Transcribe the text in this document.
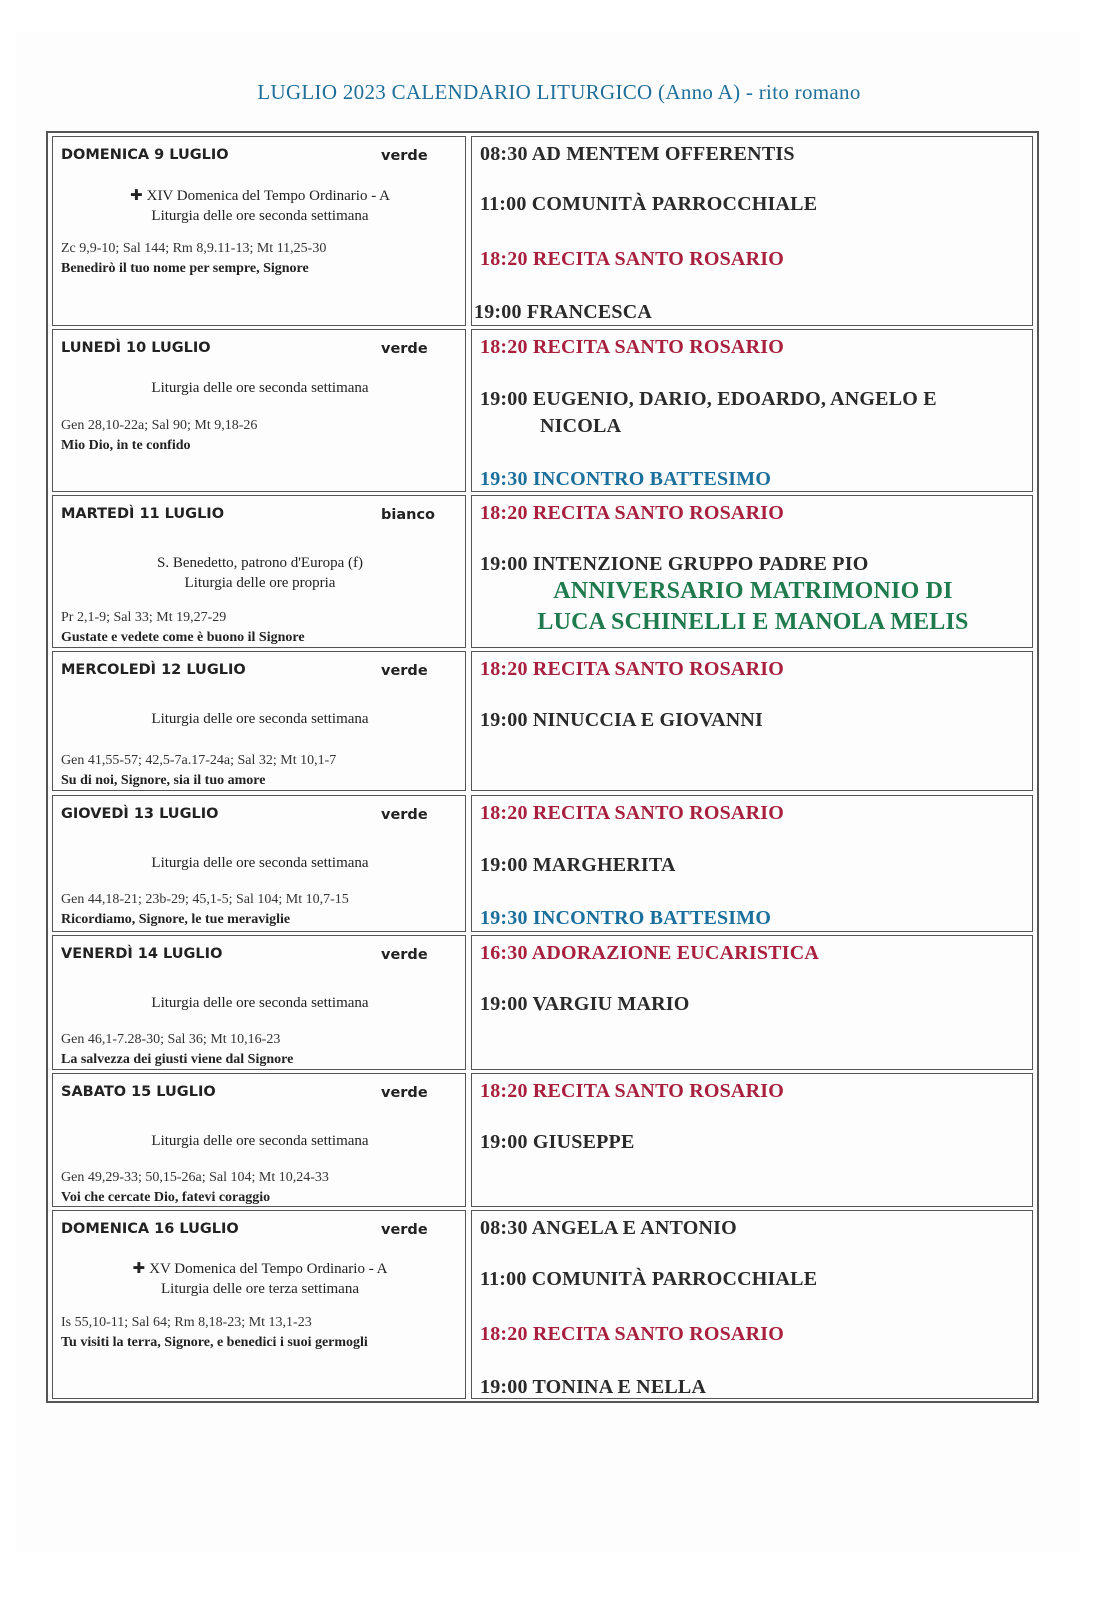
LUGLIO 2023 CALENDARIO LITURGICO (Anno A) - rito romano
DOMENICA 9 LUGLIO	verde
✚ XIV Domenica del Tempo Ordinario - A
Liturgia delle ore seconda settimana
Zc 9,9-10; Sal 144; Rm 8,9.11-13; Mt 11,25-30
Benedirò il tuo nome per sempre, Signore
08:30 AD MENTEM OFFERENTIS
11:00 COMUNITÀ PARROCCHIALE
18:20 RECITA SANTO ROSARIO
19:00 FRANCESCA
LUNEDÌ 10 LUGLIO	verde
Liturgia delle ore seconda settimana
Gen 28,10-22a; Sal 90; Mt 9,18-26
Mio Dio, in te confido
18:20 RECITA SANTO ROSARIO
19:00 EUGENIO, DARIO, EDOARDO, ANGELO E
NICOLA
19:30 INCONTRO BATTESIMO
MARTEDÌ 11 LUGLIO	bianco
S. Benedetto, patrono d'Europa (f)
Liturgia delle ore propria
Pr 2,1-9; Sal 33; Mt 19,27-29
Gustate e vedete come è buono il Signore
18:20 RECITA SANTO ROSARIO
19:00 INTENZIONE GRUPPO PADRE PIO
ANNIVERSARIO MATRIMONIO DI
LUCA SCHINELLI E MANOLA MELIS
MERCOLEDÌ 12 LUGLIO	verde
Liturgia delle ore seconda settimana
Gen 41,55-57; 42,5-7a.17-24a; Sal 32; Mt 10,1-7
Su di noi, Signore, sia il tuo amore
18:20 RECITA SANTO ROSARIO
19:00 NINUCCIA E GIOVANNI
GIOVEDÌ 13 LUGLIO	verde
Liturgia delle ore seconda settimana
Gen 44,18-21; 23b-29; 45,1-5; Sal 104; Mt 10,7-15
Ricordiamo, Signore, le tue meraviglie
18:20 RECITA SANTO ROSARIO
19:00 MARGHERITA
19:30 INCONTRO BATTESIMO
VENERDÌ 14 LUGLIO	verde
Liturgia delle ore seconda settimana
Gen 46,1-7.28-30; Sal 36; Mt 10,16-23
La salvezza dei giusti viene dal Signore
16:30 ADORAZIONE EUCARISTICA
19:00 VARGIU MARIO
SABATO 15 LUGLIO	verde
Liturgia delle ore seconda settimana
Gen 49,29-33; 50,15-26a; Sal 104; Mt 10,24-33
Voi che cercate Dio, fatevi coraggio
18:20 RECITA SANTO ROSARIO
19:00 GIUSEPPE
DOMENICA 16 LUGLIO	verde
✚ XV Domenica del Tempo Ordinario - A
Liturgia delle ore terza settimana
Is 55,10-11; Sal 64; Rm 8,18-23; Mt 13,1-23
Tu visiti la terra, Signore, e benedici i suoi germogli
08:30 ANGELA E ANTONIO
11:00 COMUNITÀ PARROCCHIALE
18:20 RECITA SANTO ROSARIO
19:00 TONINA E NELLA
